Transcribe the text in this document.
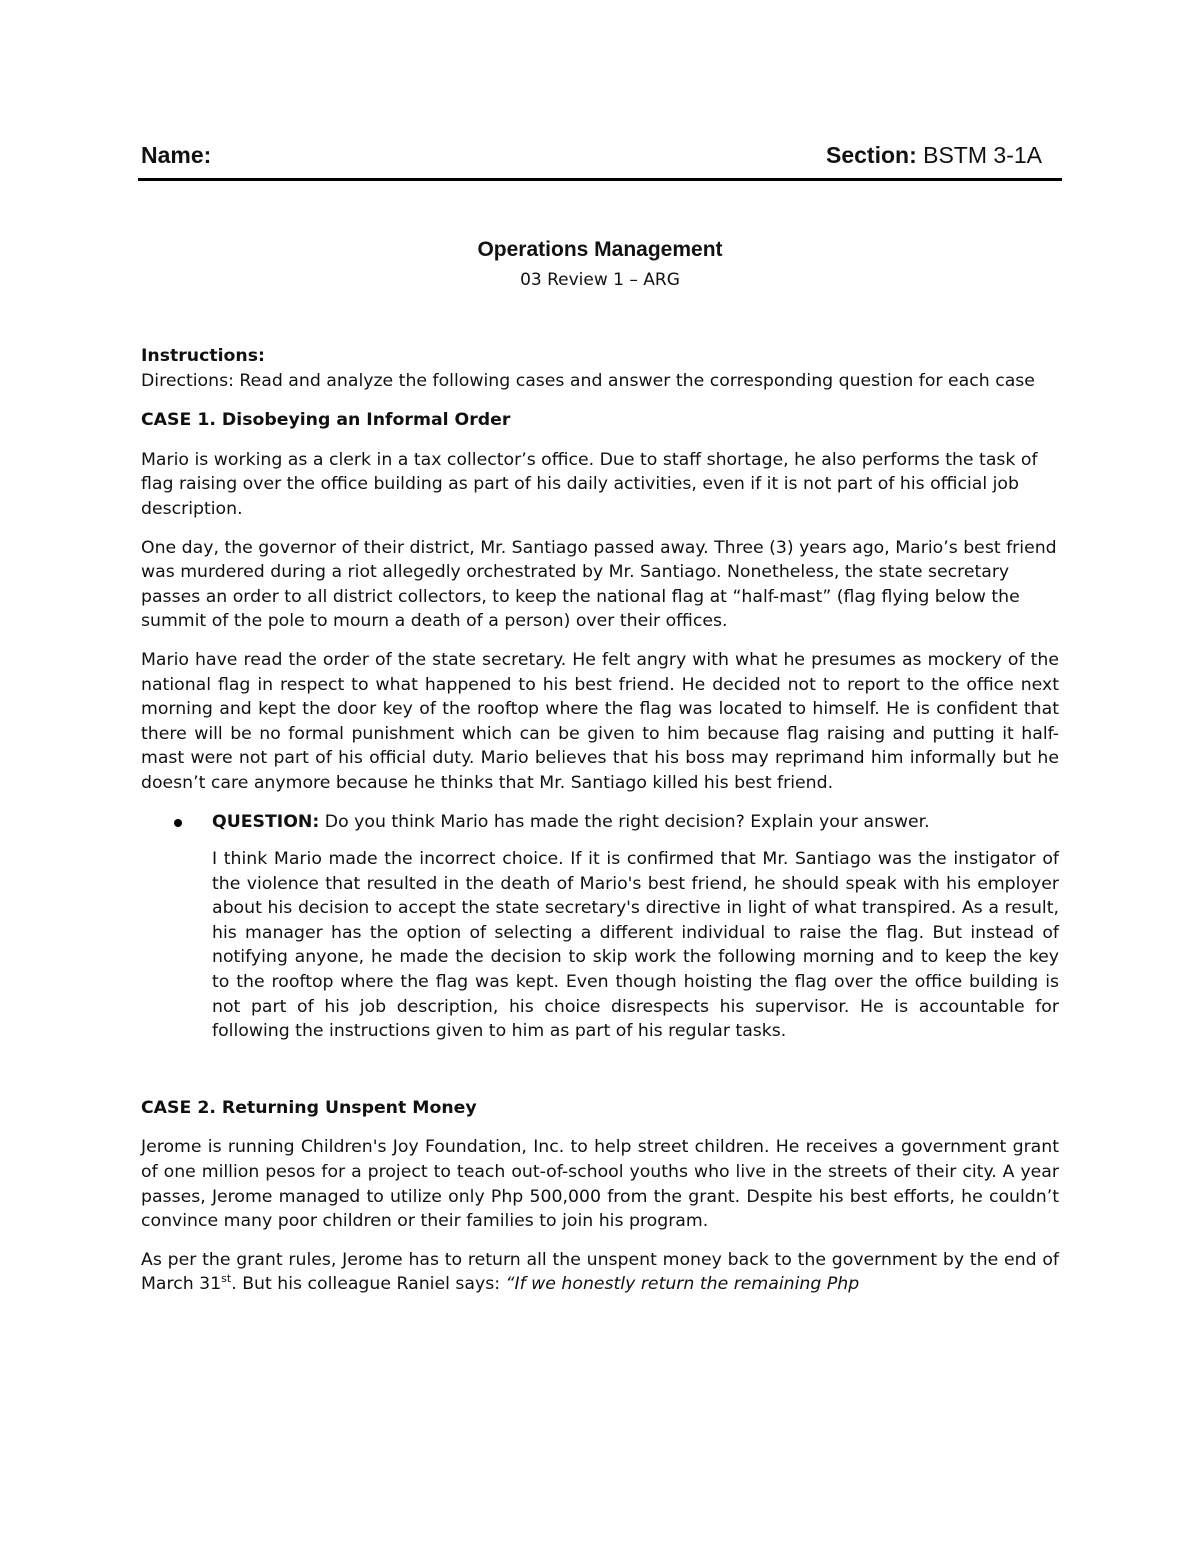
Name:	Section: BSTM 3-1A

Operations Management

03 Review 1 – ARG

Instructions:

Directions: Read and analyze the following cases and answer the corresponding question for each case

CASE 1. Disobeying an Informal Order

Mario is working as a clerk in a tax collector’s office. Due to staff shortage, he also performs the task of flag raising over the office building as part of his daily activities, even if it is not part of his official job description.

One day, the governor of their district, Mr. Santiago passed away. Three (3) years ago, Mario’s best friend was murdered during a riot allegedly orchestrated by Mr. Santiago. Nonetheless, the state secretary passes an order to all district collectors, to keep the national flag at “half-mast” (flag flying below the summit of the pole to mourn a death of a person) over their offices.

Mario have read the order of the state secretary. He felt angry with what he presumes as mockery of the national flag in respect to what happened to his best friend. He decided not to report to the office next morning and kept the door key of the rooftop where the flag was located to himself. He is confident that there will be no formal punishment which can be given to him because flag raising and putting it half-mast were not part of his official duty. Mario believes that his boss may reprimand him informally but he doesn’t care anymore because he thinks that Mr. Santiago killed his best friend.

QUESTION: Do you think Mario has made the right decision? Explain your answer.

I think Mario made the incorrect choice. If it is confirmed that Mr. Santiago was the instigator of the violence that resulted in the death of Mario's best friend, he should speak with his employer about his decision to accept the state secretary's directive in light of what transpired. As a result, his manager has the option of selecting a different individual to raise the flag. But instead of notifying anyone, he made the decision to skip work the following morning and to keep the key to the rooftop where the flag was kept. Even though hoisting the flag over the office building is not part of his job description, his choice disrespects his supervisor. He is accountable for following the instructions given to him as part of his regular tasks.

CASE 2. Returning Unspent Money

Jerome is running Children's Joy Foundation, Inc. to help street children. He receives a government grant of one million pesos for a project to teach out-of-school youths who live in the streets of their city. A year passes, Jerome managed to utilize only Php 500,000 from the grant. Despite his best efforts, he couldn’t convince many poor children or their families to join his program.

As per the grant rules, Jerome has to return all the unspent money back to the government by the end of March 31st. But his colleague Raniel says: “If we honestly return the remaining Php
